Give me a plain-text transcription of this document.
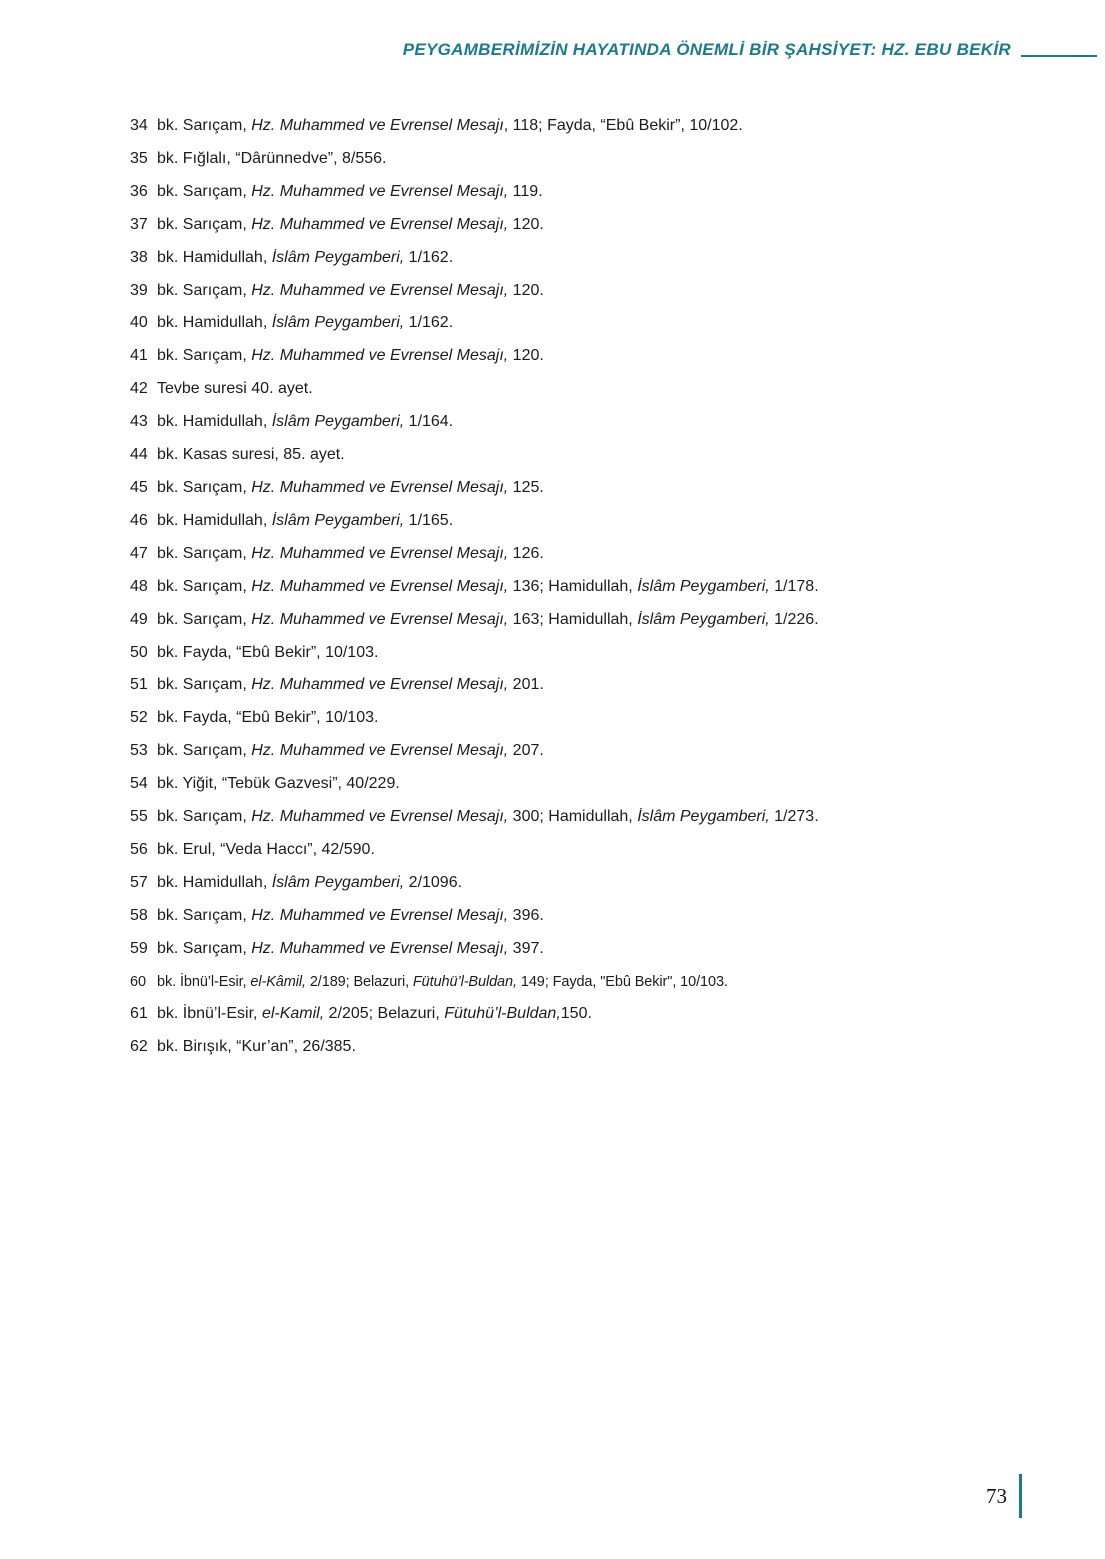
PEYGAMBERİMİZİN HAYATINDA ÖNEMLİ BİR ŞAHSİYET: HZ. EBU BEKİR
34 bk. Sarıçam, Hz. Muhammed ve Evrensel Mesajı, 118; Fayda, “Ebû Bekir”, 10/102.
35 bk. Fığlalı, “Dârünnedve”, 8/556.
36 bk. Sarıçam, Hz. Muhammed ve Evrensel Mesajı, 119.
37 bk. Sarıçam, Hz. Muhammed ve Evrensel Mesajı, 120.
38 bk. Hamidullah, İslâm Peygamberi, 1/162.
39 bk. Sarıçam, Hz. Muhammed ve Evrensel Mesajı, 120.
40 bk. Hamidullah, İslâm Peygamberi, 1/162.
41 bk. Sarıçam, Hz. Muhammed ve Evrensel Mesajı, 120.
42 Tevbe suresi 40. ayet.
43 bk. Hamidullah, İslâm Peygamberi, 1/164.
44 bk. Kasas suresi, 85. ayet.
45 bk. Sarıçam, Hz. Muhammed ve Evrensel Mesajı, 125.
46 bk. Hamidullah, İslâm Peygamberi, 1/165.
47 bk. Sarıçam, Hz. Muhammed ve Evrensel Mesajı, 126.
48 bk. Sarıçam, Hz. Muhammed ve Evrensel Mesajı, 136; Hamidullah, İslâm Peygamberi, 1/178.
49 bk. Sarıçam, Hz. Muhammed ve Evrensel Mesajı, 163; Hamidullah, İslâm Peygamberi, 1/226.
50 bk. Fayda, “Ebû Bekir”, 10/103.
51 bk. Sarıçam, Hz. Muhammed ve Evrensel Mesajı, 201.
52 bk. Fayda, “Ebû Bekir”, 10/103.
53 bk. Sarıçam, Hz. Muhammed ve Evrensel Mesajı, 207.
54 bk. Yiğit, “Tebük Gazvesi”, 40/229.
55 bk. Sarıçam, Hz. Muhammed ve Evrensel Mesajı, 300; Hamidullah, İslâm Peygamberi, 1/273.
56 bk. Erul, “Veda Haccı”, 42/590.
57 bk. Hamidullah, İslâm Peygamberi, 2/1096.
58 bk. Sarıçam, Hz. Muhammed ve Evrensel Mesajı, 396.
59 bk. Sarıçam, Hz. Muhammed ve Evrensel Mesajı, 397.
60 bk. İbnü’l-Esir, el-Kâmil, 2/189; Belazuri, Fütuhü’l-Buldan, 149; Fayda, "Ebû Bekir", 10/103.
61 bk. İbnü’l-Esir, el-Kamil, 2/205; Belazuri, Fütuhü’l-Buldan,150.
62 bk. Birışık, “Kur’an”, 26/385.
73
